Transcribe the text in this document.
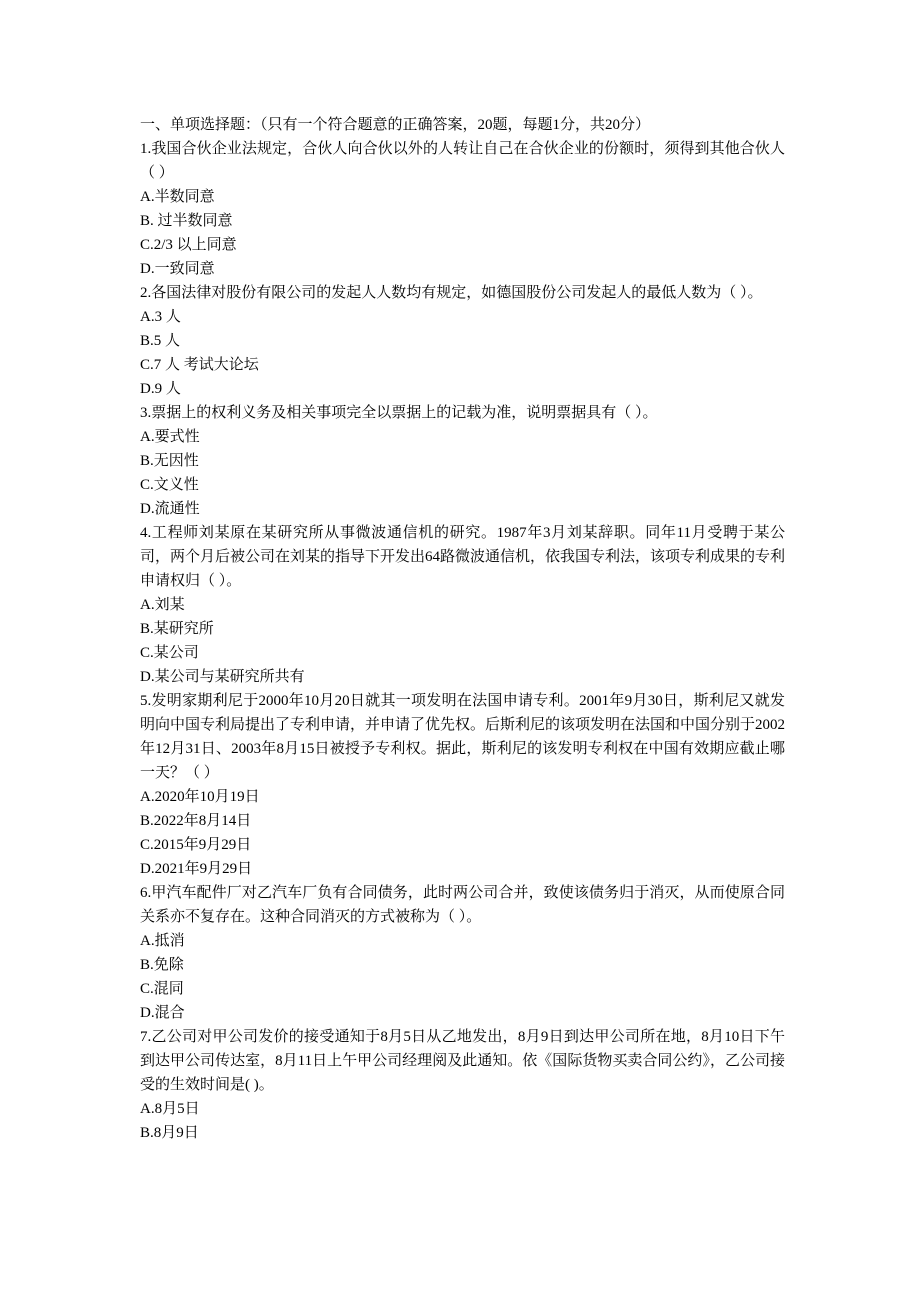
一、单项选择题：（只有一个符合题意的正确答案，20题，每题1分，共20分）
1.我国合伙企业法规定，合伙人向合伙以外的人转让自己在合伙企业的份额时，须得到其他合伙人（ ）
A.半数同意
B. 过半数同意
C.2/3 以上同意
D.一致同意
2.各国法律对股份有限公司的发起人人数均有规定，如德国股份公司发起人的最低人数为（ ）。
A.3 人
B.5 人
C.7 人 考试大论坛
D.9 人
3.票据上的权利义务及相关事项完全以票据上的记载为准，说明票据具有（ ）。
A.要式性
B.无因性
C.文义性
D.流通性
4.工程师刘某原在某研究所从事微波通信机的研究。1987年3月刘某辞职。同年11月受聘于某公司，两个月后被公司在刘某的指导下开发出64路微波通信机，依我国专利法，该项专利成果的专利申请权归（ ）。
A.刘某
B.某研究所
C.某公司
D.某公司与某研究所共有
5.发明家期利尼于2000年10月20日就其一项发明在法国申请专利。2001年9月30日，斯利尼又就发明向中国专利局提出了专利申请，并申请了优先权。后斯利尼的该项发明在法国和中国分别于2002年12月31日、2003年8月15日被授予专利权。据此，斯利尼的该发明专利权在中国有效期应截止哪一天？（ ）
A.2020年10月19日
B.2022年8月14日
C.2015年9月29日
D.2021年9月29日
6.甲汽车配件厂对乙汽车厂负有合同债务，此时两公司合并，致使该债务归于消灭，从而使原合同关系亦不复存在。这种合同消灭的方式被称为（ ）。
A.抵消
B.免除
C.混同
D.混合
7.乙公司对甲公司发价的接受通知于8月5日从乙地发出，8月9日到达甲公司所在地，8月10日下午到达甲公司传达室，8月11日上午甲公司经理阅及此通知。依《国际货物买卖合同公约》，乙公司接受的生效时间是( )。
A.8月5日
B.8月9日
